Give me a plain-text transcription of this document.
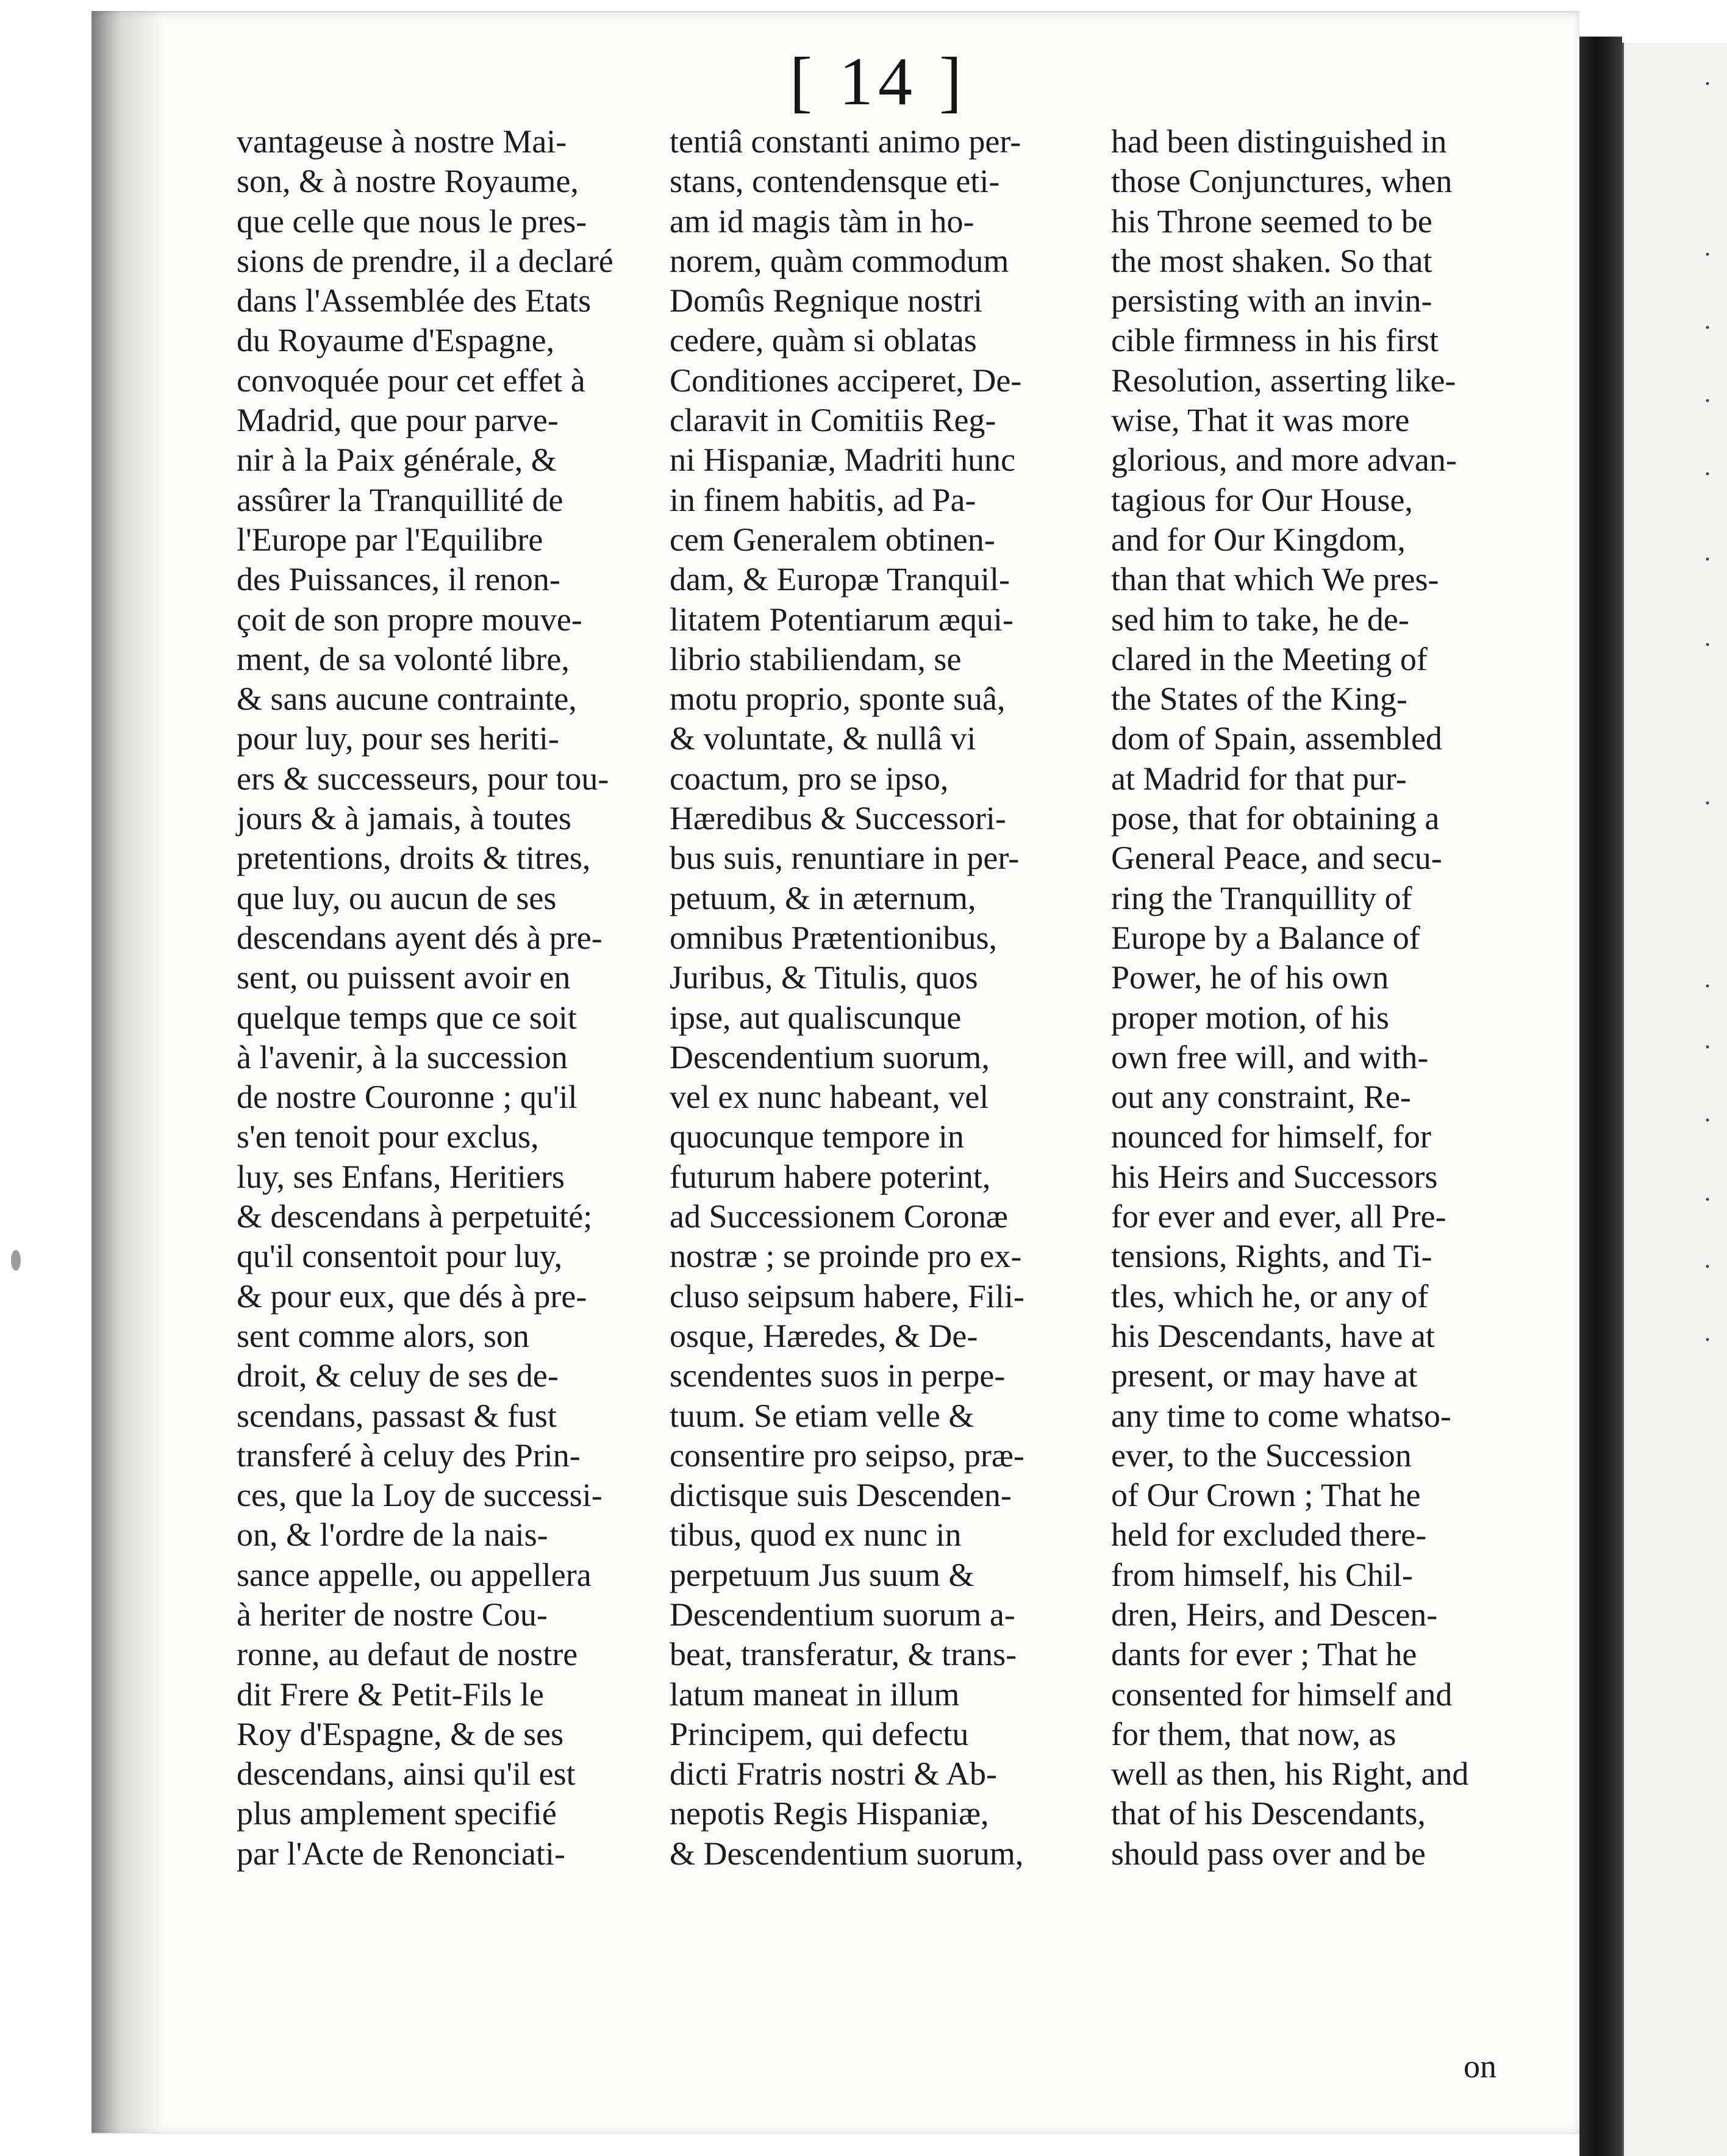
·
·
·
·
·
·
·
·
·
·
·
·
·
·
[ 14 ]
vantageuse à nostre Mai-
son, & à nostre Royaume,
que celle que nous le pres-
sions de prendre, il a declaré
dans l'Assemblée des Etats
du Royaume d'Espagne,
convoquée pour cet effet à
Madrid, que pour parve-
nir à la Paix générale, &
assûrer la Tranquillité de
l'Europe par l'Equilibre
des Puissances, il renon-
çoit de son propre mouve-
ment, de sa volonté libre,
& sans aucune contrainte,
pour luy, pour ses heriti-
ers & successeurs, pour tou-
jours & à jamais, à toutes
pretentions, droits & titres,
que luy, ou aucun de ses
descendans ayent dés à pre-
sent, ou puissent avoir en
quelque temps que ce soit
à l'avenir, à la succession
de nostre Couronne ; qu'il
s'en tenoit pour exclus,
luy, ses Enfans, Heritiers
& descendans à perpetuité;
qu'il consentoit pour luy,
& pour eux, que dés à pre-
sent comme alors, son
droit, & celuy de ses de-
scendans, passast & fust
transferé à celuy des Prin-
ces, que la Loy de successi-
on, & l'ordre de la nais-
sance appelle, ou appellera
à heriter de nostre Cou-
ronne, au defaut de nostre
dit Frere & Petit-Fils le
Roy d'Espagne, & de ses
descendans, ainsi qu'il est
plus amplement specifié
par l'Acte de Renonciati-
tentiâ constanti animo per-
stans, contendensque eti-
am id magis tàm in ho-
norem, quàm commodum
Domûs Regnique nostri
cedere, quàm si oblatas
Conditiones acciperet, De-
claravit in Comitiis Reg-
ni Hispaniæ, Madriti hunc
in finem habitis, ad Pa-
cem Generalem obtinen-
dam, & Europæ Tranquil-
litatem Potentiarum æqui-
librio stabiliendam, se
motu proprio, sponte suâ,
& voluntate, & nullâ vi
coactum, pro se ipso,
Hæredibus & Successori-
bus suis, renuntiare in per-
petuum, & in æternum,
omnibus Prætentionibus,
Juribus, & Titulis, quos
ipse, aut qualiscunque
Descendentium suorum,
vel ex nunc habeant, vel
quocunque tempore in
futurum habere poterint,
ad Successionem Coronæ
nostræ ; se proinde pro ex-
cluso seipsum habere, Fili-
osque, Hæredes, & De-
scendentes suos in perpe-
tuum. Se etiam velle &
consentire pro seipso, præ-
dictisque suis Descenden-
tibus, quod ex nunc in
perpetuum Jus suum &
Descendentium suorum a-
beat, transferatur, & trans-
latum maneat in illum
Principem, qui defectu
dicti Fratris nostri & Ab-
nepotis Regis Hispaniæ,
& Descendentium suorum,
had been distinguished in
those Conjunctures, when
his Throne seemed to be
the most shaken. So that
persisting with an invin-
cible firmness in his first
Resolution, asserting like-
wise, That it was more
glorious, and more advan-
tagious for Our House,
and for Our Kingdom,
than that which We pres-
sed him to take, he de-
clared in the Meeting of
the States of the King-
dom of Spain, assembled
at Madrid for that pur-
pose, that for obtaining a
General Peace, and secu-
ring the Tranquillity of
Europe by a Balance of
Power, he of his own
proper motion, of his
own free will, and with-
out any constraint, Re-
nounced for himself, for
his Heirs and Successors
for ever and ever, all Pre-
tensions, Rights, and Ti-
tles, which he, or any of
his Descendants, have at
present, or may have at
any time to come whatso-
ever, to the Succession
of Our Crown ; That he
held for excluded there-
from himself, his Chil-
dren, Heirs, and Descen-
dants for ever ; That he
consented for himself and
for them, that now, as
well as then, his Right, and
that of his Descendants,
should pass over and be
on
